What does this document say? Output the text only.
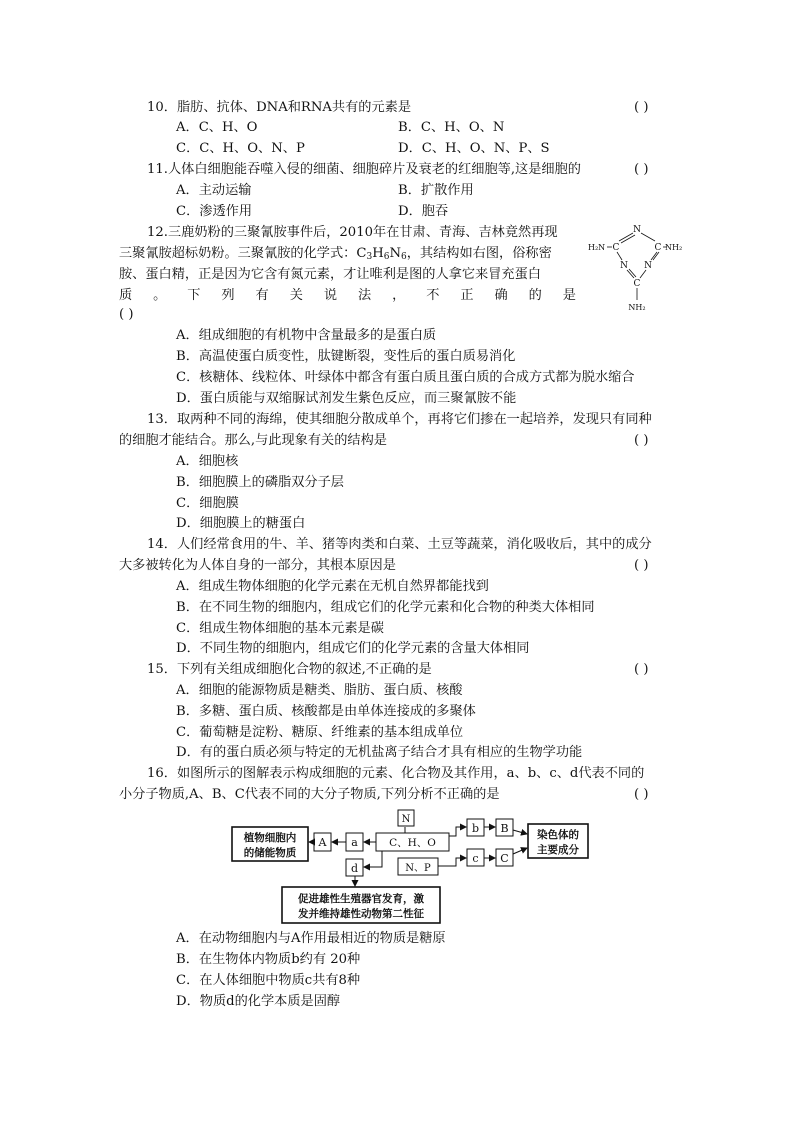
10．脂肪、抗体、DNA和RNA共有的元素是	( )
A．C、H、O	B．C、H、O、N
C．C、H、O、N、P	D．C、H、O、N、P、S
11.人体白细胞能吞噬入侵的细菌、细胞碎片及衰老的红细胞等,这是细胞的	( )
A．主动运输	B．扩散作用
C．渗透作用	D．胞吞
12.三鹿奶粉的三聚氰胺事件后，2010年在甘肃、青海、吉林竟然再现
三聚氰胺超标奶粉。三聚氰胺的化学式：$C_3H_6N_6$，其结构如右图，俗称密
胺、蛋白精，正是因为它含有氮元素，才让唯利是图的人拿它来冒充蛋白
质 。 下 列 有 关 说 法 ， 不 正 确 的 是
( )
N
C	C
N N
C
H₂N	NH₂
NH₂
A．组成细胞的有机物中含量最多的是蛋白质
B．高温使蛋白质变性，肽键断裂，变性后的蛋白质易消化
C．核糖体、线粒体、叶绿体中都含有蛋白质且蛋白质的合成方式都为脱水缩合
D．蛋白质能与双缩脲试剂发生紫色反应，而三聚氰胺不能
13．取两种不同的海绵，使其细胞分散成单个，再将它们掺在一起培养，发现只有同种
的细胞才能结合。那么,与此现象有关的结构是	( )
A．细胞核
B．细胞膜上的磷脂双分子层
C．细胞膜
D．细胞膜上的糖蛋白
14．人们经常食用的牛、羊、猪等肉类和白菜、土豆等蔬菜，消化吸收后，其中的成分
大多被转化为人体自身的一部分，其根本原因是	( )
A．组成生物体细胞的化学元素在无机自然界都能找到
B．在不同生物的细胞内，组成它们的化学元素和化合物的种类大体相同
C．组成生物体细胞的基本元素是碳
D．不同生物的细胞内，组成它们的化学元素的含量大体相同
15．下列有关组成细胞化合物的叙述,不正确的是	( )
A．细胞的能源物质是糖类、脂肪、蛋白质、核酸
B．多糖、蛋白质、核酸都是由单体连接成的多聚体
C．葡萄糖是淀粉、糖原、纤维素的基本组成单位
D．有的蛋白质必须与特定的无机盐离子结合才具有相应的生物学功能
16．如图所示的图解表示构成细胞的元素、化合物及其作用，a、b、c、d代表不同的
小分子物质,A、B、C代表不同的大分子物质,下列分析不正确的是	( )
植物细胞内
的储能物质
A a	C、H、O
N
b B	染色体的
主要成分
N、P
c C
d
促进雄性生殖器官发育，激
发并维持雄性动物第二性征
A．在动物细胞内与A作用最相近的物质是糖原
B．在生物体内物质b约有 20种
C．在人体细胞中物质c共有8种
D．物质d的化学本质是固醇
